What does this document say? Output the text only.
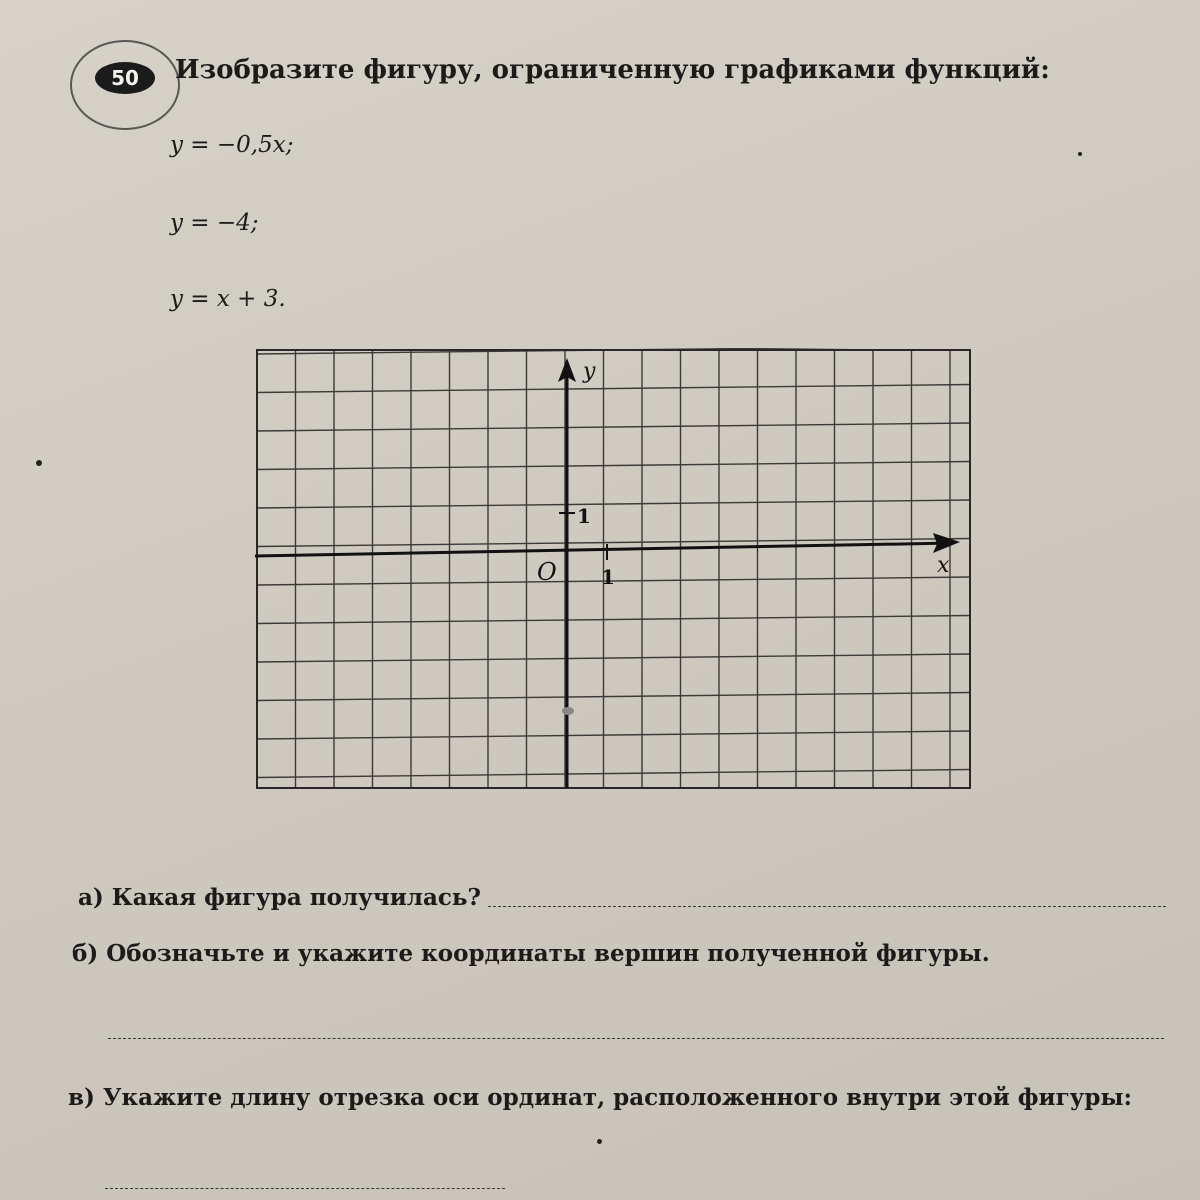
50	Изобразите фигуру, ограниченную графиками функций:
y = −0,5x;
y = −4;
y = x + 3.
y
x
O 1
1
а) Какая фигура получилась?
б) Обозначьте и укажите координаты вершин полученной фигуры.
в) Укажите длину отрезка оси ординат, расположенного внутри этой фигуры:
